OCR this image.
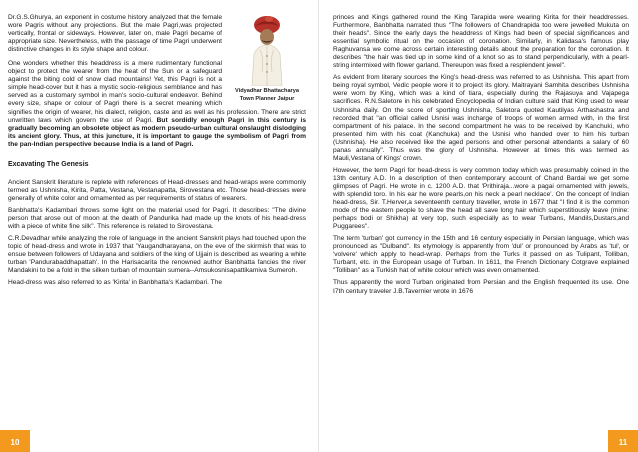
Vidyadhar Bhattacharya
Town Planner Jaipur

Dr.G.S.Ghurya, an exponent in costume history analyzed that the female wore Pagris without any projections. But the male Pagri,was projected vertically, frontal or sideways. However, later on, male Pagri became of appropriate size. Nevertheless, with the passage of time Pagri underwent distinctive changes in its style shape and colour.

One wonders whether this headdress is a mere rudimentary functional object to protect the wearer from the heat of the Sun or a safeguard against the biting cold of snow clad mountains! Yet, this Pagri is not a simple head-cover but it has a mystic socio-religious semblance and has served as a customary symbol in man's socio-cultural endeavor. Behind every size, shape or colour of Pagri there is a secret meaning which signifies the origin of wearer, his dialect, religion, caste and as well as his profession. There are strict unwritten laws which govern the use of Pagri. But sordidly enough Pagri in this century is gradually becoming an obsolete object as modern pseudo-urban cultural onslaught dislodging its ancient glory. Thus, at this juncture, it is important to gauge the symbolism of Pagri from the pan-Indian perspective because India is a land of Pagri.

Excavating The Genesis

Ancient Sanskrit literature is replete with references of Head-dresses and head-wraps were commonly termed as Ushnisha, Kirita, Patta, Vestana, Vestanapatta, Sirovestana etc. Those head-dresses were generally of white color and ornamented as per requirements of status of wearers.

Banbhatta's Kadambari throws some light on the material used for Pagri. It describes: "The divine person that arose out of moon at the death of Pandurika had made up the knots of his head-dress with a piece of white fine silk". This reference is related to Sirovestana.

C.R.Devadhar while analyzing the role of language in the ancient Sanskrit plays had touched upon the topic of head-dress and wrote in 1937 that 'Yaugandharayana, on the eve of the skirmish that was to ensue between followers of Udayana and soldiers of the king of Ujjain is described as wearing a white turban 'Pandurabaddhapattah'. In the Harisacarita the renowned author Banbhatta fancies the river Mandakini to be a fold in the silken turban of mountain sumera--Amsukosnisapattikamiva Sumeroh.

Head-dress was also referred to as 'Kirita' in Banbhatta's Kadambari. The

10

princes and Kings gathered round the King Tarapida were wearing Kirita for their headdresses. Furthermore, Banbhatta narrated thus "The followers of Chandrapida too were jewelled Mukuta on their heads". Since the early days the headdress of Kings had been of special significances and essential symbolic ritual on the occasion of coronation. Similarly, in Kalidasa's famous play Raghuvansa we come across certain interesting details about the preparation for the coronation. It describes "the hair was tied up in some kind of a knot so as to stand perpendicularly, with a pearl-string intermixed with flower garland. Thereupon was fixed a resplendent jewel".

As evident from literary sources the King's head-dress was referred to as Ushnisha. This apart from being royal symbol, Vedic people wore it to project its glory. Maitrayani Samhita describes Ushnisha were worn by King, which was a kind of tiara, especially during the Rajasuya and Vajapega sacrifices. R.N.Saletore in his celebrated Encyclopedia of Indian culture said that King used to wear Ushnisha daily. On the score of sporting Ushnisha, Saletora quoted Kautilyas Arthashastra and recorded that "an official called Usnisi was incharge of troops of women armed with, in the first compartment of his palace. In the second compartment he was to be received by Kanchuki, who presented him with his coat (Kanchuka) and the Usnisi who handed over to him his turban (Ushnisha). He also received like the aged persons and other personal attendants a salary of 60 panas annually". Thus was the glory of Ushnisha. However at times this was termed as Mauli,Vestana of Kings' crown.

However, the term Pagri for head-dress is very common today which was presumably coined in the 13th century A.D. In a description of then contemporary account of Chand Bardai we get some glimpses of Pagri. He wrote in c. 1200 A.D. that 'Prithiraja...wore a pagai ornamented with jewels, with splendid toro. In his ear he wore pearls,on his neck a pearl necklace'. On the concept of Indian head-dress, Sir. T.Herver,a seventeenth century traveller, wrote in 1677 that "I find it is the common mode of the eastern people to shave the head all save long hair which superstitiously leave (mine: perhaps bodi or Shikha) at very top, such especially as to wear Turbans, Mandils,Dustars,and Puggarees".

The term 'turban' got currency in the 15th and 16 century especially in Persian language, which was pronounced as "Dulband". Its etymology is apparently from 'dul' or pronounced by Arabs as 'tul', or 'volvere' which apply to head-wrap. Perhaps from the Turks it passed on as Tulipant, Tolliban, Turbant, etc. in the European usage of Turban. In 1611, the French Dictionary Cotgrave explained "Tolliban" as a Turkish hat of white colour which was even ornamented.

Thus apparently the word Turban originated from Persian and the English frequented its use. One I7th century traveler J.B.Tavernier wrote in 1676

11
